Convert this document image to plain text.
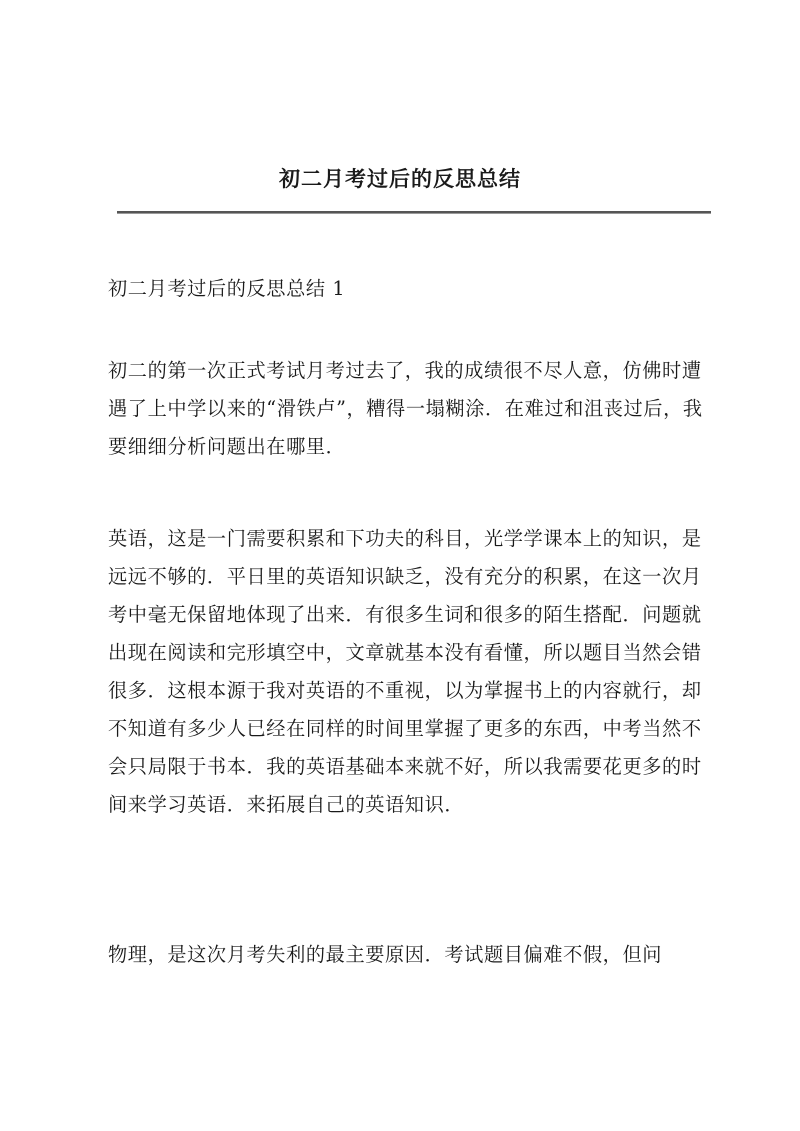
初二月考过后的反思总结

初二月考过后的反思总结 1

初二的第一次正式考试月考过去了，我的成绩很不尽人意，仿佛时遭遇了上中学以来的“滑铁卢”，糟得一塌糊涂．在难过和沮丧过后，我要细细分析问题出在哪里．

英语，这是一门需要积累和下功夫的科目，光学学课本上的知识，是远远不够的．平日里的英语知识缺乏，没有充分的积累，在这一次月考中毫无保留地体现了出来．有很多生词和很多的陌生搭配．问题就出现在阅读和完形填空中，文章就基本没有看懂，所以题目当然会错很多．这根本源于我对英语的不重视，以为掌握书上的内容就行，却不知道有多少人已经在同样的时间里掌握了更多的东西，中考当然不会只局限于书本．我的英语基础本来就不好，所以我需要花更多的时间来学习英语．来拓展自己的英语知识．

物理，是这次月考失利的最主要原因．考试题目偏难不假，但问
